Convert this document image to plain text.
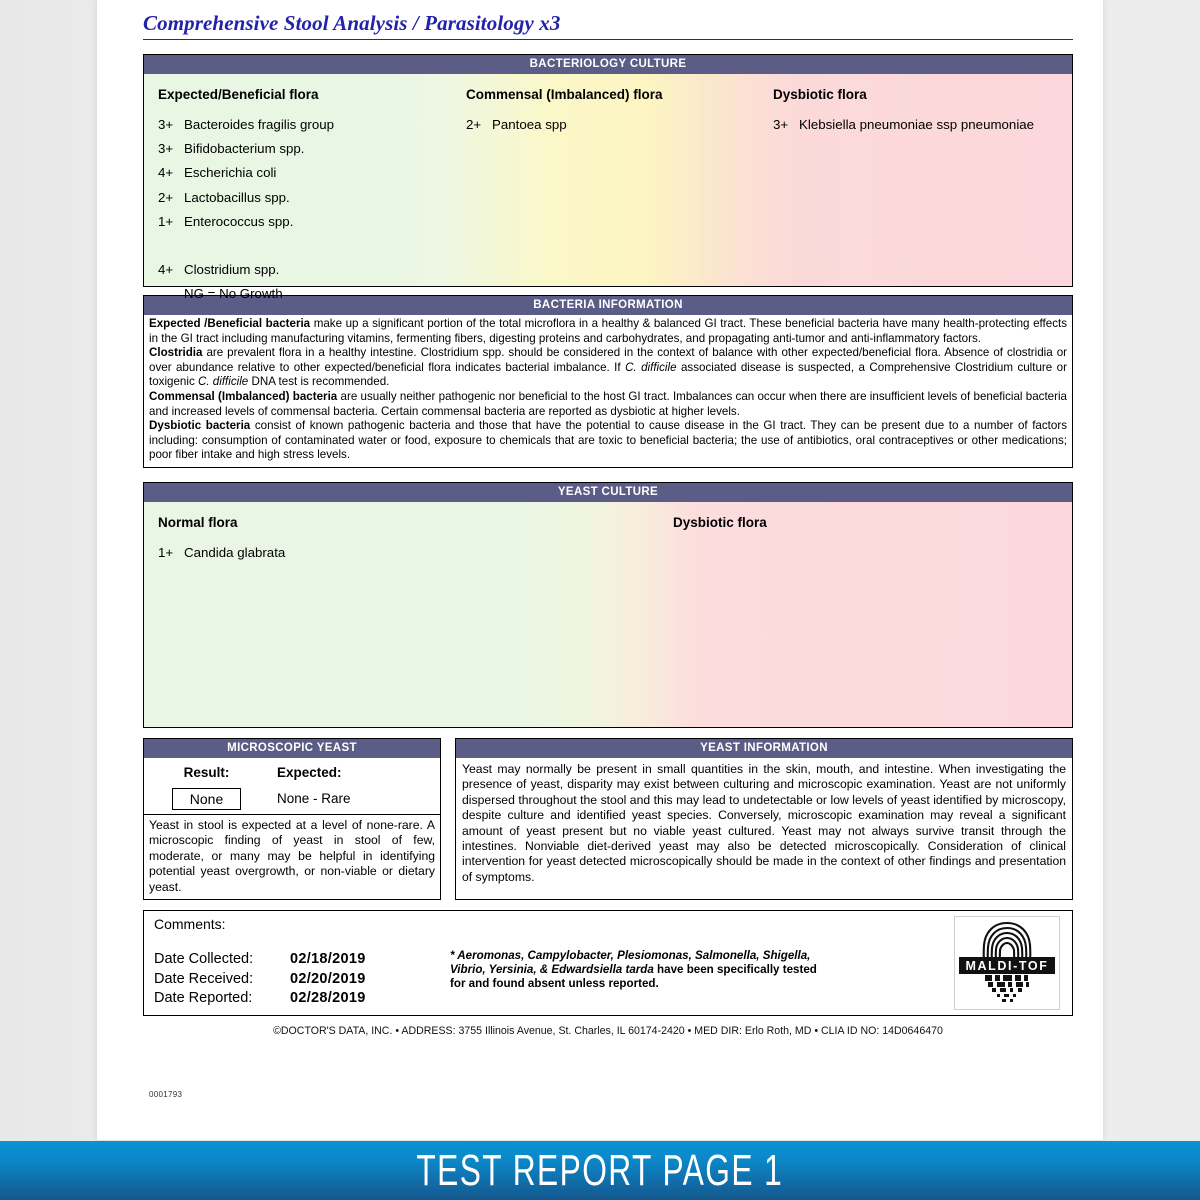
Comprehensive Stool Analysis / Parasitology x3
BACTERIOLOGY CULTURE
Expected/Beneficial flora
3+ Bacteroides fragilis group
3+ Bifidobacterium spp.
4+ Escherichia coli
2+ Lactobacillus spp.
1+ Enterococcus spp.
4+ Clostridium spp.
NG = No Growth
Commensal (Imbalanced) flora
2+ Pantoea spp
Dysbiotic flora
3+ Klebsiella pneumoniae ssp pneumoniae
BACTERIA INFORMATION

Expected /Beneficial bacteria make up a significant portion of the total microflora in a healthy & balanced GI tract. These beneficial bacteria have many health-protecting effects in the GI tract including manufacturing vitamins, fermenting fibers, digesting proteins and carbohydrates, and propagating anti-tumor and anti-inflammatory factors.

Clostridia are prevalent flora in a healthy intestine. Clostridium spp. should be considered in the context of balance with other expected/beneficial flora. Absence of clostridia or over abundance relative to other expected/beneficial flora indicates bacterial imbalance. If C. difficile associated disease is suspected, a Comprehensive Clostridium culture or toxigenic C. difficile DNA test is recommended.

Commensal (Imbalanced) bacteria are usually neither pathogenic nor beneficial to the host GI tract. Imbalances can occur when there are insufficient levels of beneficial bacteria and increased levels of commensal bacteria. Certain commensal bacteria are reported as dysbiotic at higher levels.

Dysbiotic bacteria consist of known pathogenic bacteria and those that have the potential to cause disease in the GI tract. They can be present due to a number of factors including: consumption of contaminated water or food, exposure to chemicals that are toxic to beneficial bacteria; the use of antibiotics, oral contraceptives or other medications; poor fiber intake and high stress levels.

YEAST CULTURE
Normal flora
1+ Candida glabrata
Dysbiotic flora
MICROSCOPIC YEAST
Result:
None
Expected:
None - Rare
Yeast in stool is expected at a level of none-rare. A microscopic finding of yeast in stool of few, moderate, or many may be helpful in identifying potential yeast overgrowth, or non-viable or dietary yeast.
YEAST INFORMATION
Yeast may normally be present in small quantities in the skin, mouth, and intestine. When investigating the presence of yeast, disparity may exist between culturing and microscopic examination. Yeast are not uniformly dispersed throughout the stool and this may lead to undetectable or low levels of yeast identified by microscopy, despite culture and identified yeast species. Conversely, microscopic examination may reveal a significant amount of yeast present but no viable yeast cultured. Yeast may not always survive transit through the intestines. Nonviable diet-derived yeast may also be detected microscopically. Consideration of clinical intervention for yeast detected microscopically should be made in the context of other findings and presentation of symptoms.
Comments:
Date Collected:	02/18/2019
Date Received:	02/20/2019
Date Reported:	02/28/2019
* Aeromonas, Campylobacter, Plesiomonas, Salmonella, Shigella, Vibrio, Yersinia, & Edwardsiella tarda have been specifically tested for and found absent unless reported.
MALDI-TOF
©DOCTOR'S DATA, INC. • ADDRESS: 3755 Illinois Avenue, St. Charles, IL 60174-2420 • MED DIR: Erlo Roth, MD • CLIA ID NO: 14D0646470
0001793
TEST REPORT PAGE 1
